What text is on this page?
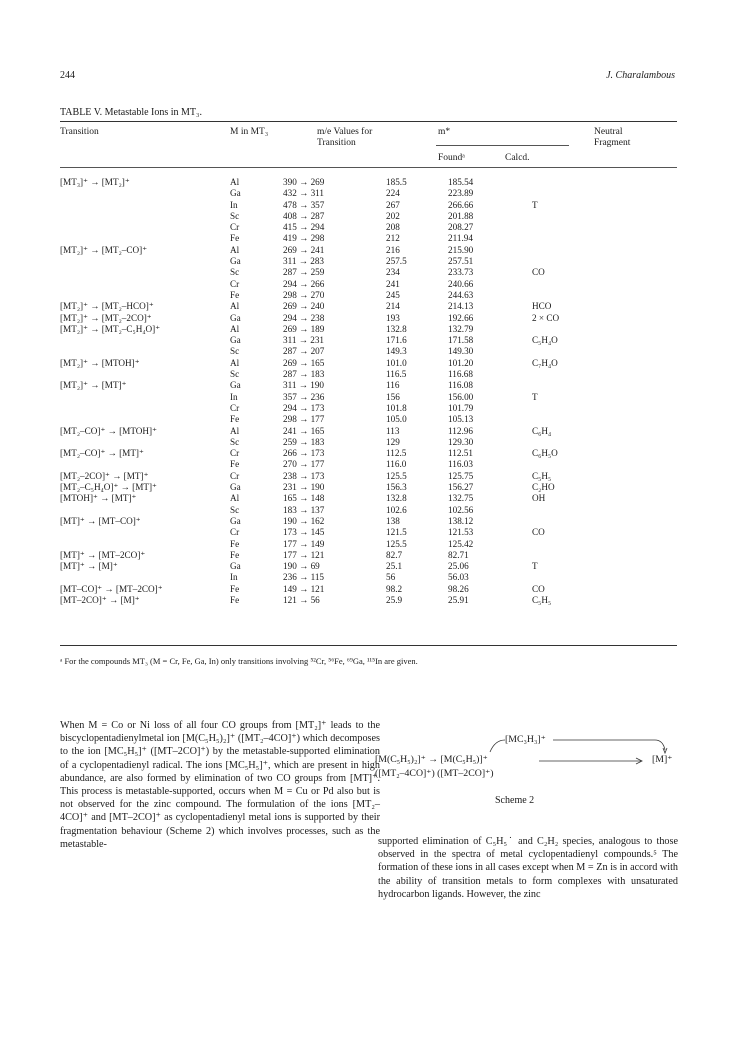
244	J. Charalambous
TABLE V. Metastable Ions in MT₃.
Transition	M in MT₃	m/e Values for
Transition
m*
Foundᵃ	Calcd.
Neutral
Fragment
[MT₃]⁺ → [MT₂]⁺	Al	390 → 269	185.5	185.54	
	Ga	432 → 311	224	223.89	
	In	478 → 357	267	266.66	T
	Sc	408 → 287	202	201.88	
	Cr	415 → 294	208	208.27	
	Fe	419 → 298	212	211.94	
[MT₂]⁺ → [MT₂–CO]⁺	Al	269 → 241	216	215.90	
	Ga	311 → 283	257.5	257.51	
	Sc	287 → 259	234	233.73	CO
	Cr	294 → 266	241	240.66	
	Fe	298 → 270	245	244.63	
[MT₂]⁺ → [MT₂–HCO]⁺	Al	269 → 240	214	214.13	HCO
[MT₂]⁺ → [MT₂–2CO]⁺	Ga	294 → 238	193	192.66	2 × CO
[MT₂]⁺ → [MT₂–C₅H₄O]⁺	Al	269 → 189	132.8	132.79	
	Ga	311 → 231	171.6	171.58	C₅H₄O
	Sc	287 → 207	149.3	149.30	
[MT₂]⁺ → [MTOH]⁺	Al	269 → 165	101.0	101.20	C₇H₄O
	Sc	287 → 183	116.5	116.68	
[MT₂]⁺ → [MT]⁺	Ga	311 → 190	116	116.08	
	In	357 → 236	156	156.00	T
	Cr	294 → 173	101.8	101.79	
	Fe	298 → 177	105.0	105.13	
[MT₂–CO]⁺ → [MTOH]⁺	Al	241 → 165	113	112.96	C₆H₄
	Sc	259 → 183	129	129.30	
[MT₂–CO]⁺ → [MT]⁺	Cr	266 → 173	112.5	112.51	C₆H₅O
	Fe	270 → 177	116.0	116.03	
[MT₂–2CO]⁺ → [MT]⁺	Cr	238 → 173	125.5	125.75	C₅H₅
[MT₂–C₅H₄O]⁺ → [MT]⁺	Ga	231 → 190	156.3	156.27	C₂HO
[MTOH]⁺ → [MT]⁺	Al	165 → 148	132.8	132.75	OH
	Sc	183 → 137	102.6	102.56	
[MT]⁺ → [MT–CO]⁺	Ga	190 → 162	138	138.12	
	Cr	173 → 145	121.5	121.53	CO
	Fe	177 → 149	125.5	125.42	
[MT]⁺ → [MT–2CO]⁺	Fe	177 → 121	82.7	82.71	
[MT]⁺ → [M]⁺	Ga	190 → 69	25.1	25.06	T
	In	236 → 115	56	56.03	
[MT–CO]⁺ → [MT–2CO]⁺	Fe	149 → 121	98.2	98.26	CO
[MT–2CO]⁺ → [M]⁺	Fe	121 → 56	25.9	25.91	C₅H₅
ᵃ For the compounds MT₃ (M = Cr, Fe, Ga, In) only transitions involving ⁵²Cr, ⁵⁶Fe, ⁶⁹Ga, ¹¹⁵In are given.
When M = Co or Ni loss of all four CO groups from [MT₂]⁺ leads to the biscyclopentadienylmetal ion [M(C₅H₅)₂]⁺ ([MT₂–4CO]⁺) which decomposes to the ion [MC₅H₅]⁺ ([MT–2CO]⁺) by the metastable-supported elimination of a cyclopentadienyl radical. The ions [MC₅H₅]⁺, which are present in high abundance, are also formed by elimination of two CO groups from [MT]⁺. This process is metastable-supported, occurs when M = Cu or Pd also but is not observed for the zinc compound. The formulation of the ions [MT₂–4CO]⁺ and [MT–2CO]⁺ as cyclopentadienyl metal ions is supported by their fragmentation behaviour (Scheme 2) which involves processes, such as the metastable-
[MC₃H₃]⁺
[M(C₅H₅)₂]⁺ → [M(C₅H₅)]⁺	[M]⁺
([MT₂–4CO]⁺) ([MT–2CO]⁺)
Scheme 2
supported elimination of C₅H₅˙ and C₂H₂ species, analogous to those observed in the spectra of metal cyclopentadienyl compounds.⁵ The formation of these ions in all cases except when M = Zn is in accord with the ability of transition metals to form complexes with unsaturated hydrocarbon ligands. However, the zinc
